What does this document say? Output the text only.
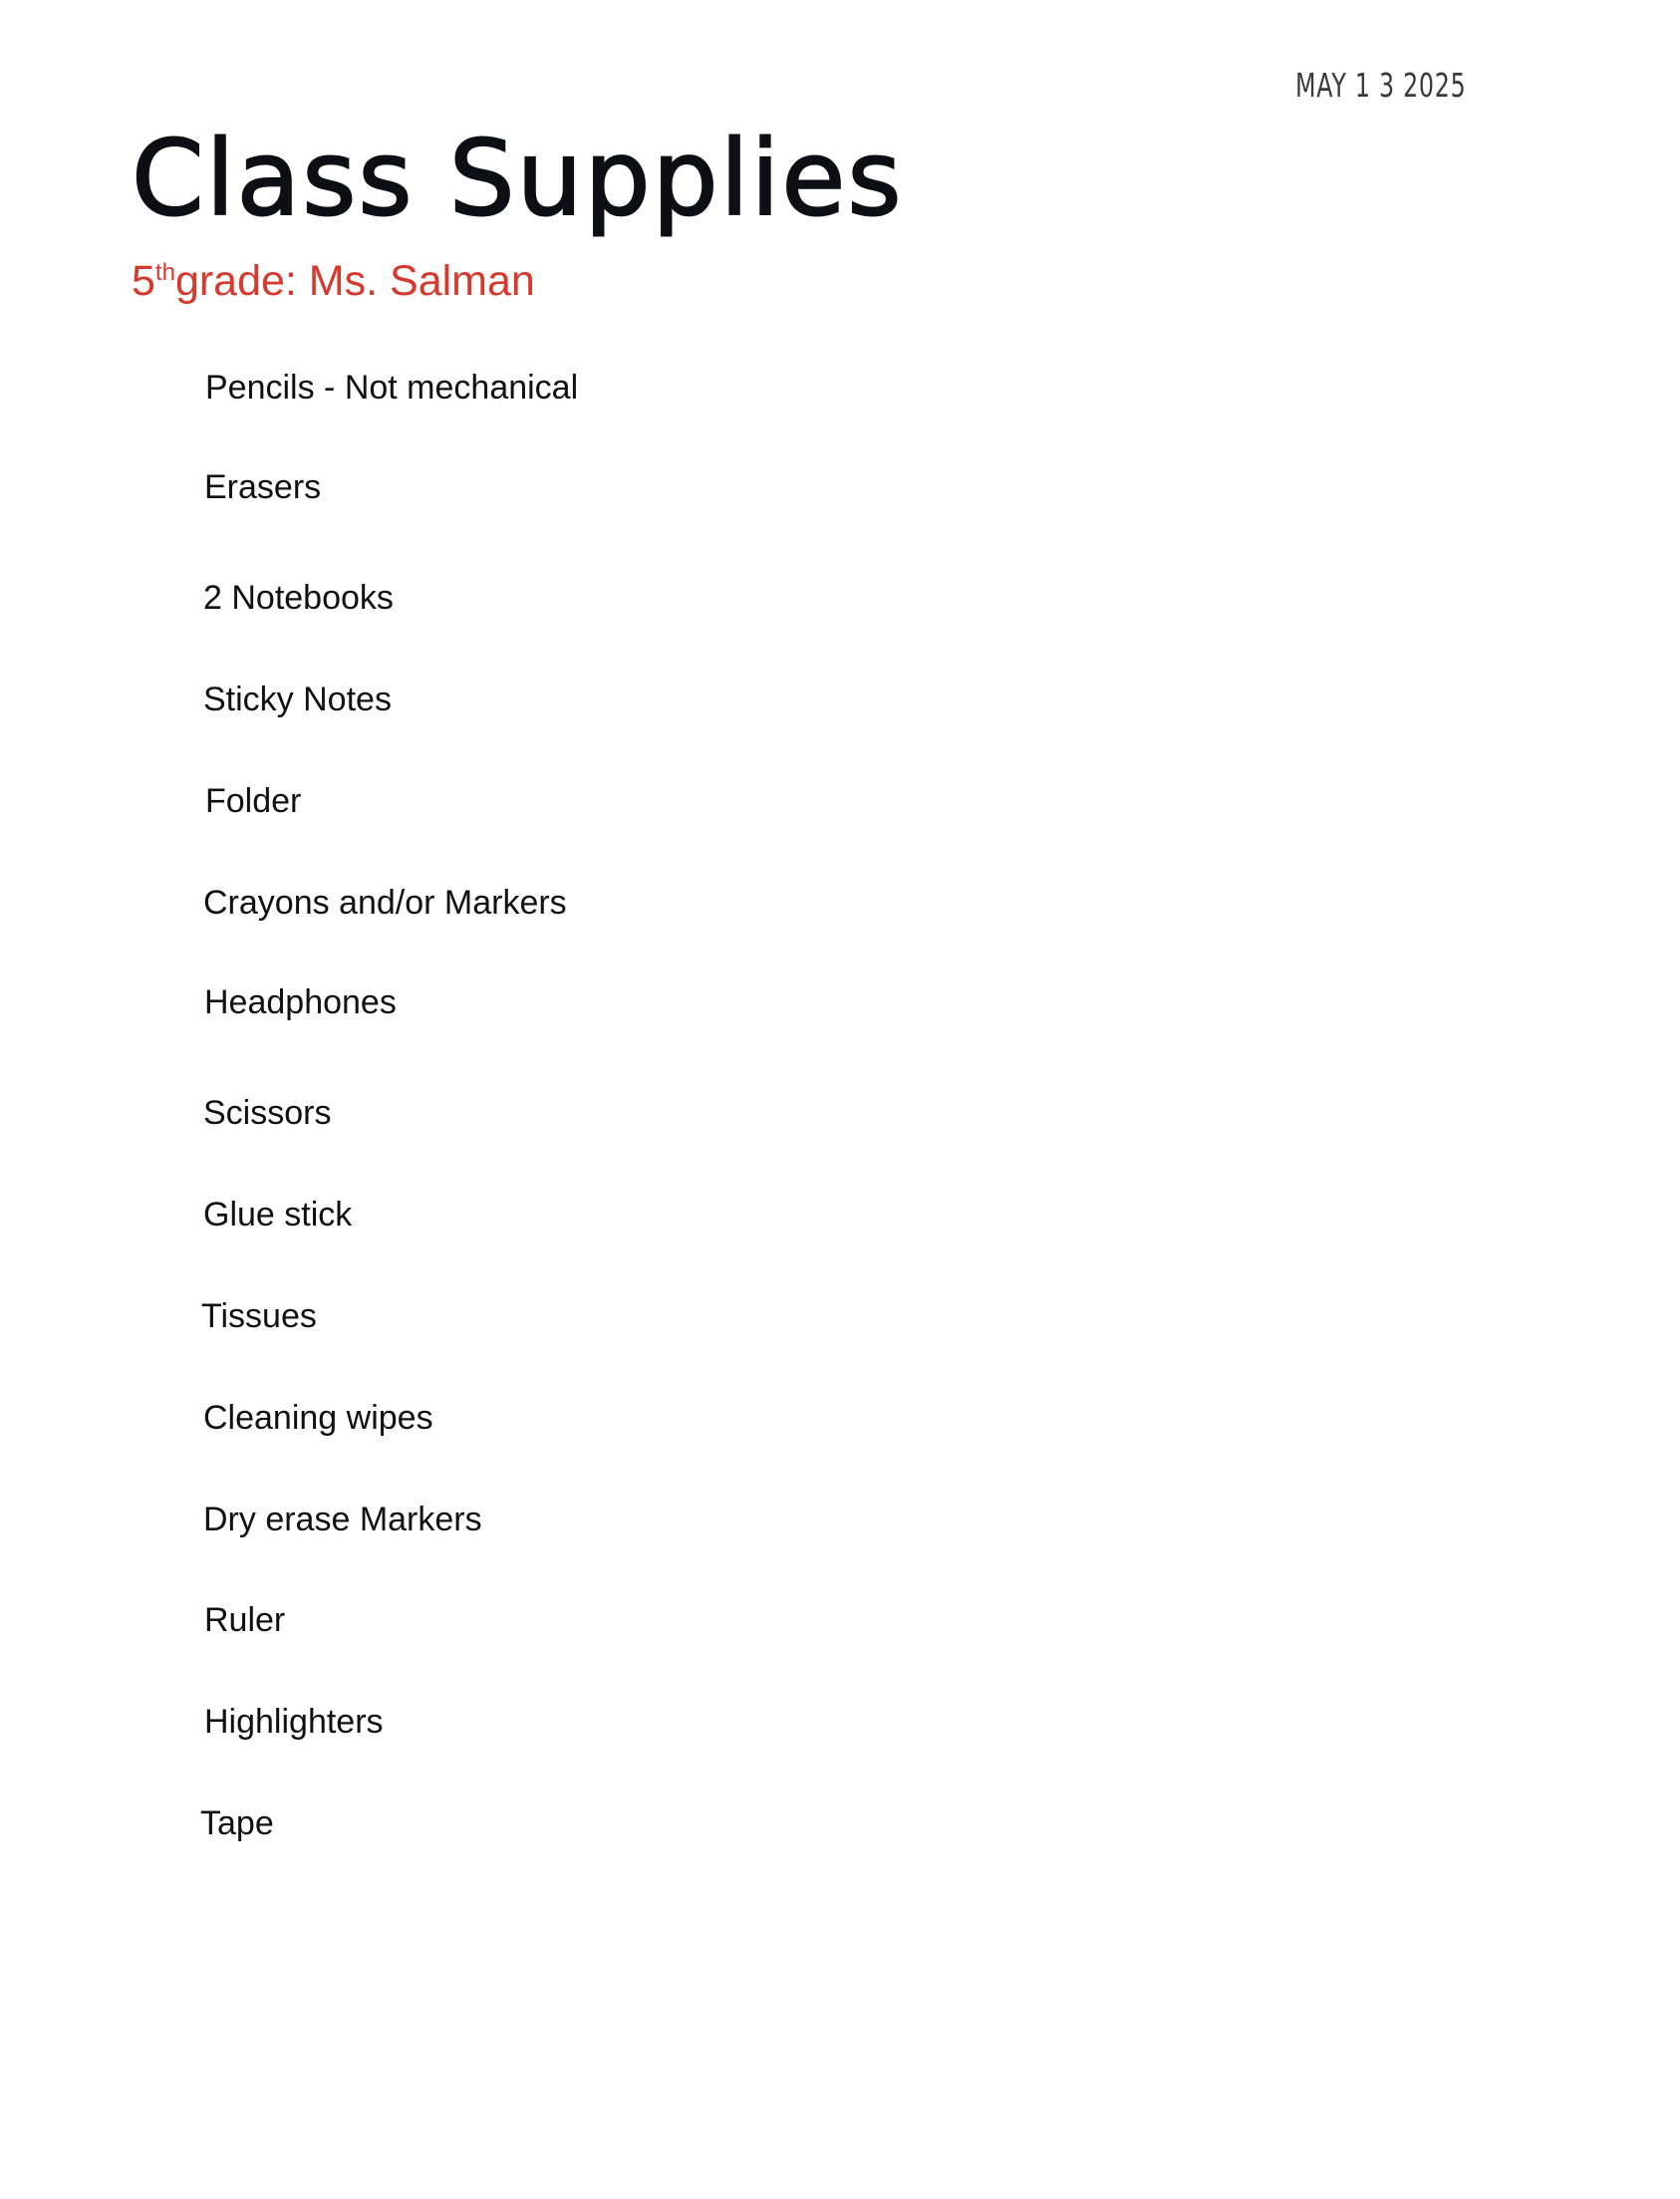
MAY 1 3 2025
Class Supplies
5thgrade: Ms. Salman
Pencils - Not mechanical
Erasers
2 Notebooks
Sticky Notes
Folder
Crayons and/or Markers
Headphones
Scissors
Glue stick
Tissues
Cleaning wipes
Dry erase Markers
Ruler
Highlighters
Tape
